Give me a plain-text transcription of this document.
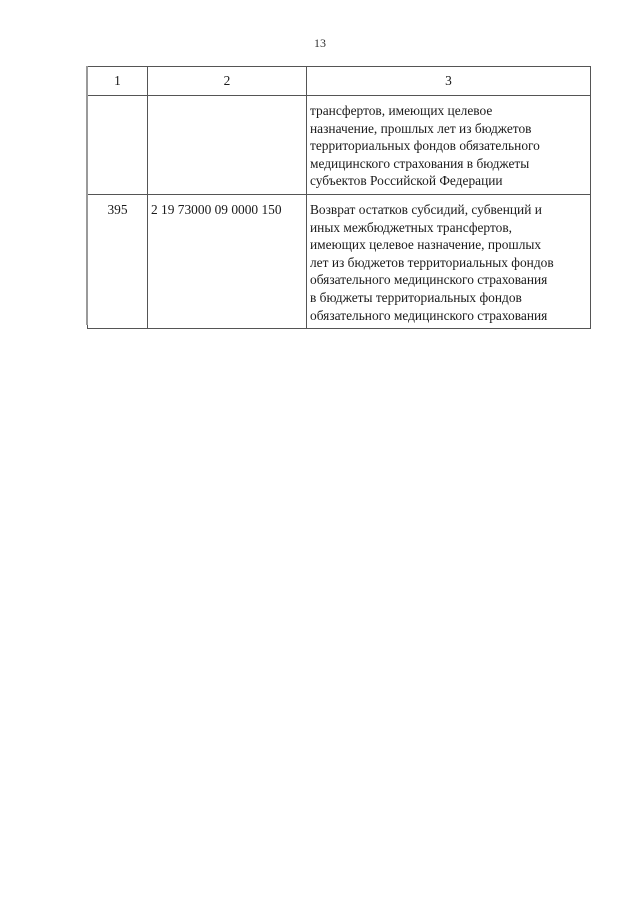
13
1	2	3

		трансфертов, имеющих целевое
назначение, прошлых лет из бюджетов
территориальных фондов обязательного
медицинского страхования в бюджеты
субъектов Российской Федерации

395	2 19 73000 09 0000 150	Возврат остатков субсидий, субвенций и
иных межбюджетных трансфертов,
имеющих целевое назначение, прошлых
лет из бюджетов территориальных фондов
обязательного медицинского страхования
в бюджеты территориальных фондов
обязательного медицинского страхования
